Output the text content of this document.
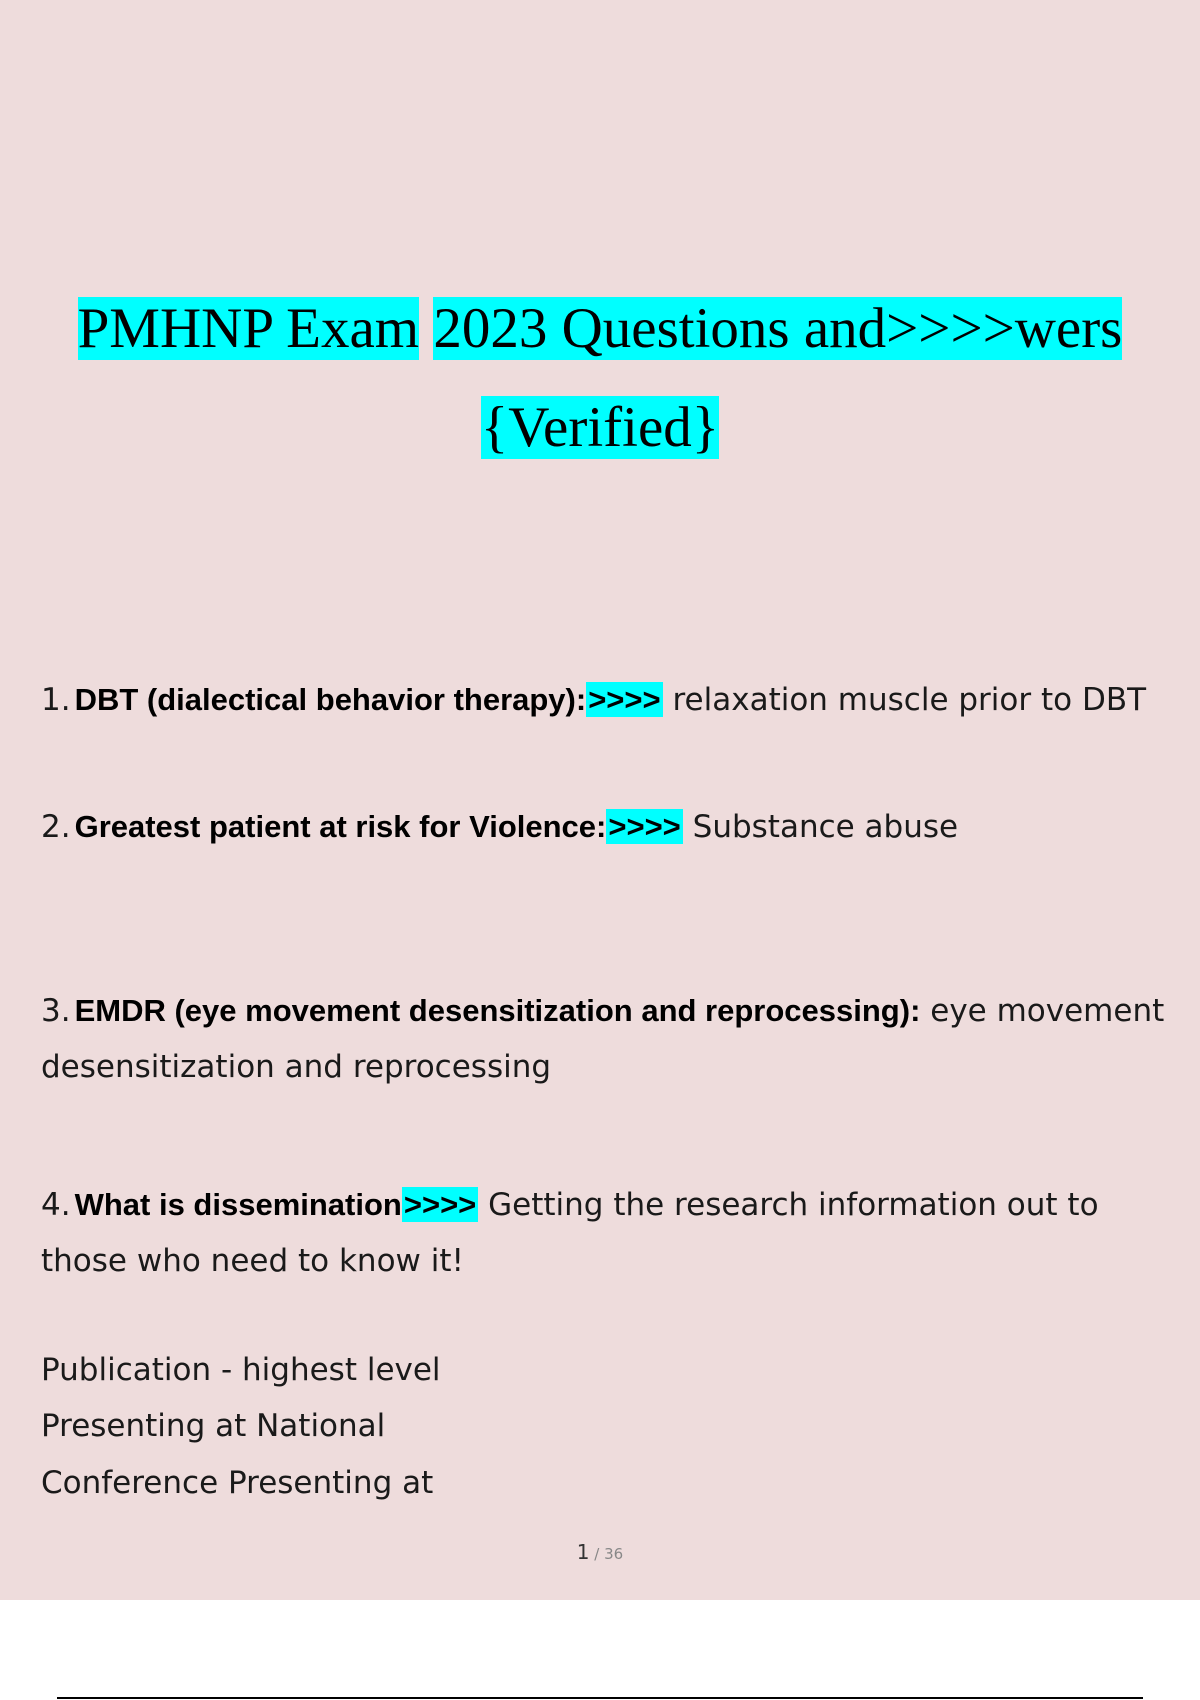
PMHNP Exam 2023 Questions and>>>>wers
{Verified}
1. DBT (dialectical behavior therapy):>>>> relaxation muscle prior to DBT
2. Greatest patient at risk for Violence:>>>> Substance abuse
3. EMDR (eye movement desensitization and reprocessing): eye movement desensitization and reprocessing
4. What is dissemination>>>> Getting the research information out to those who need to know it!
Publication - highest level
Presenting at National
Conference Presenting at
1 / 36
